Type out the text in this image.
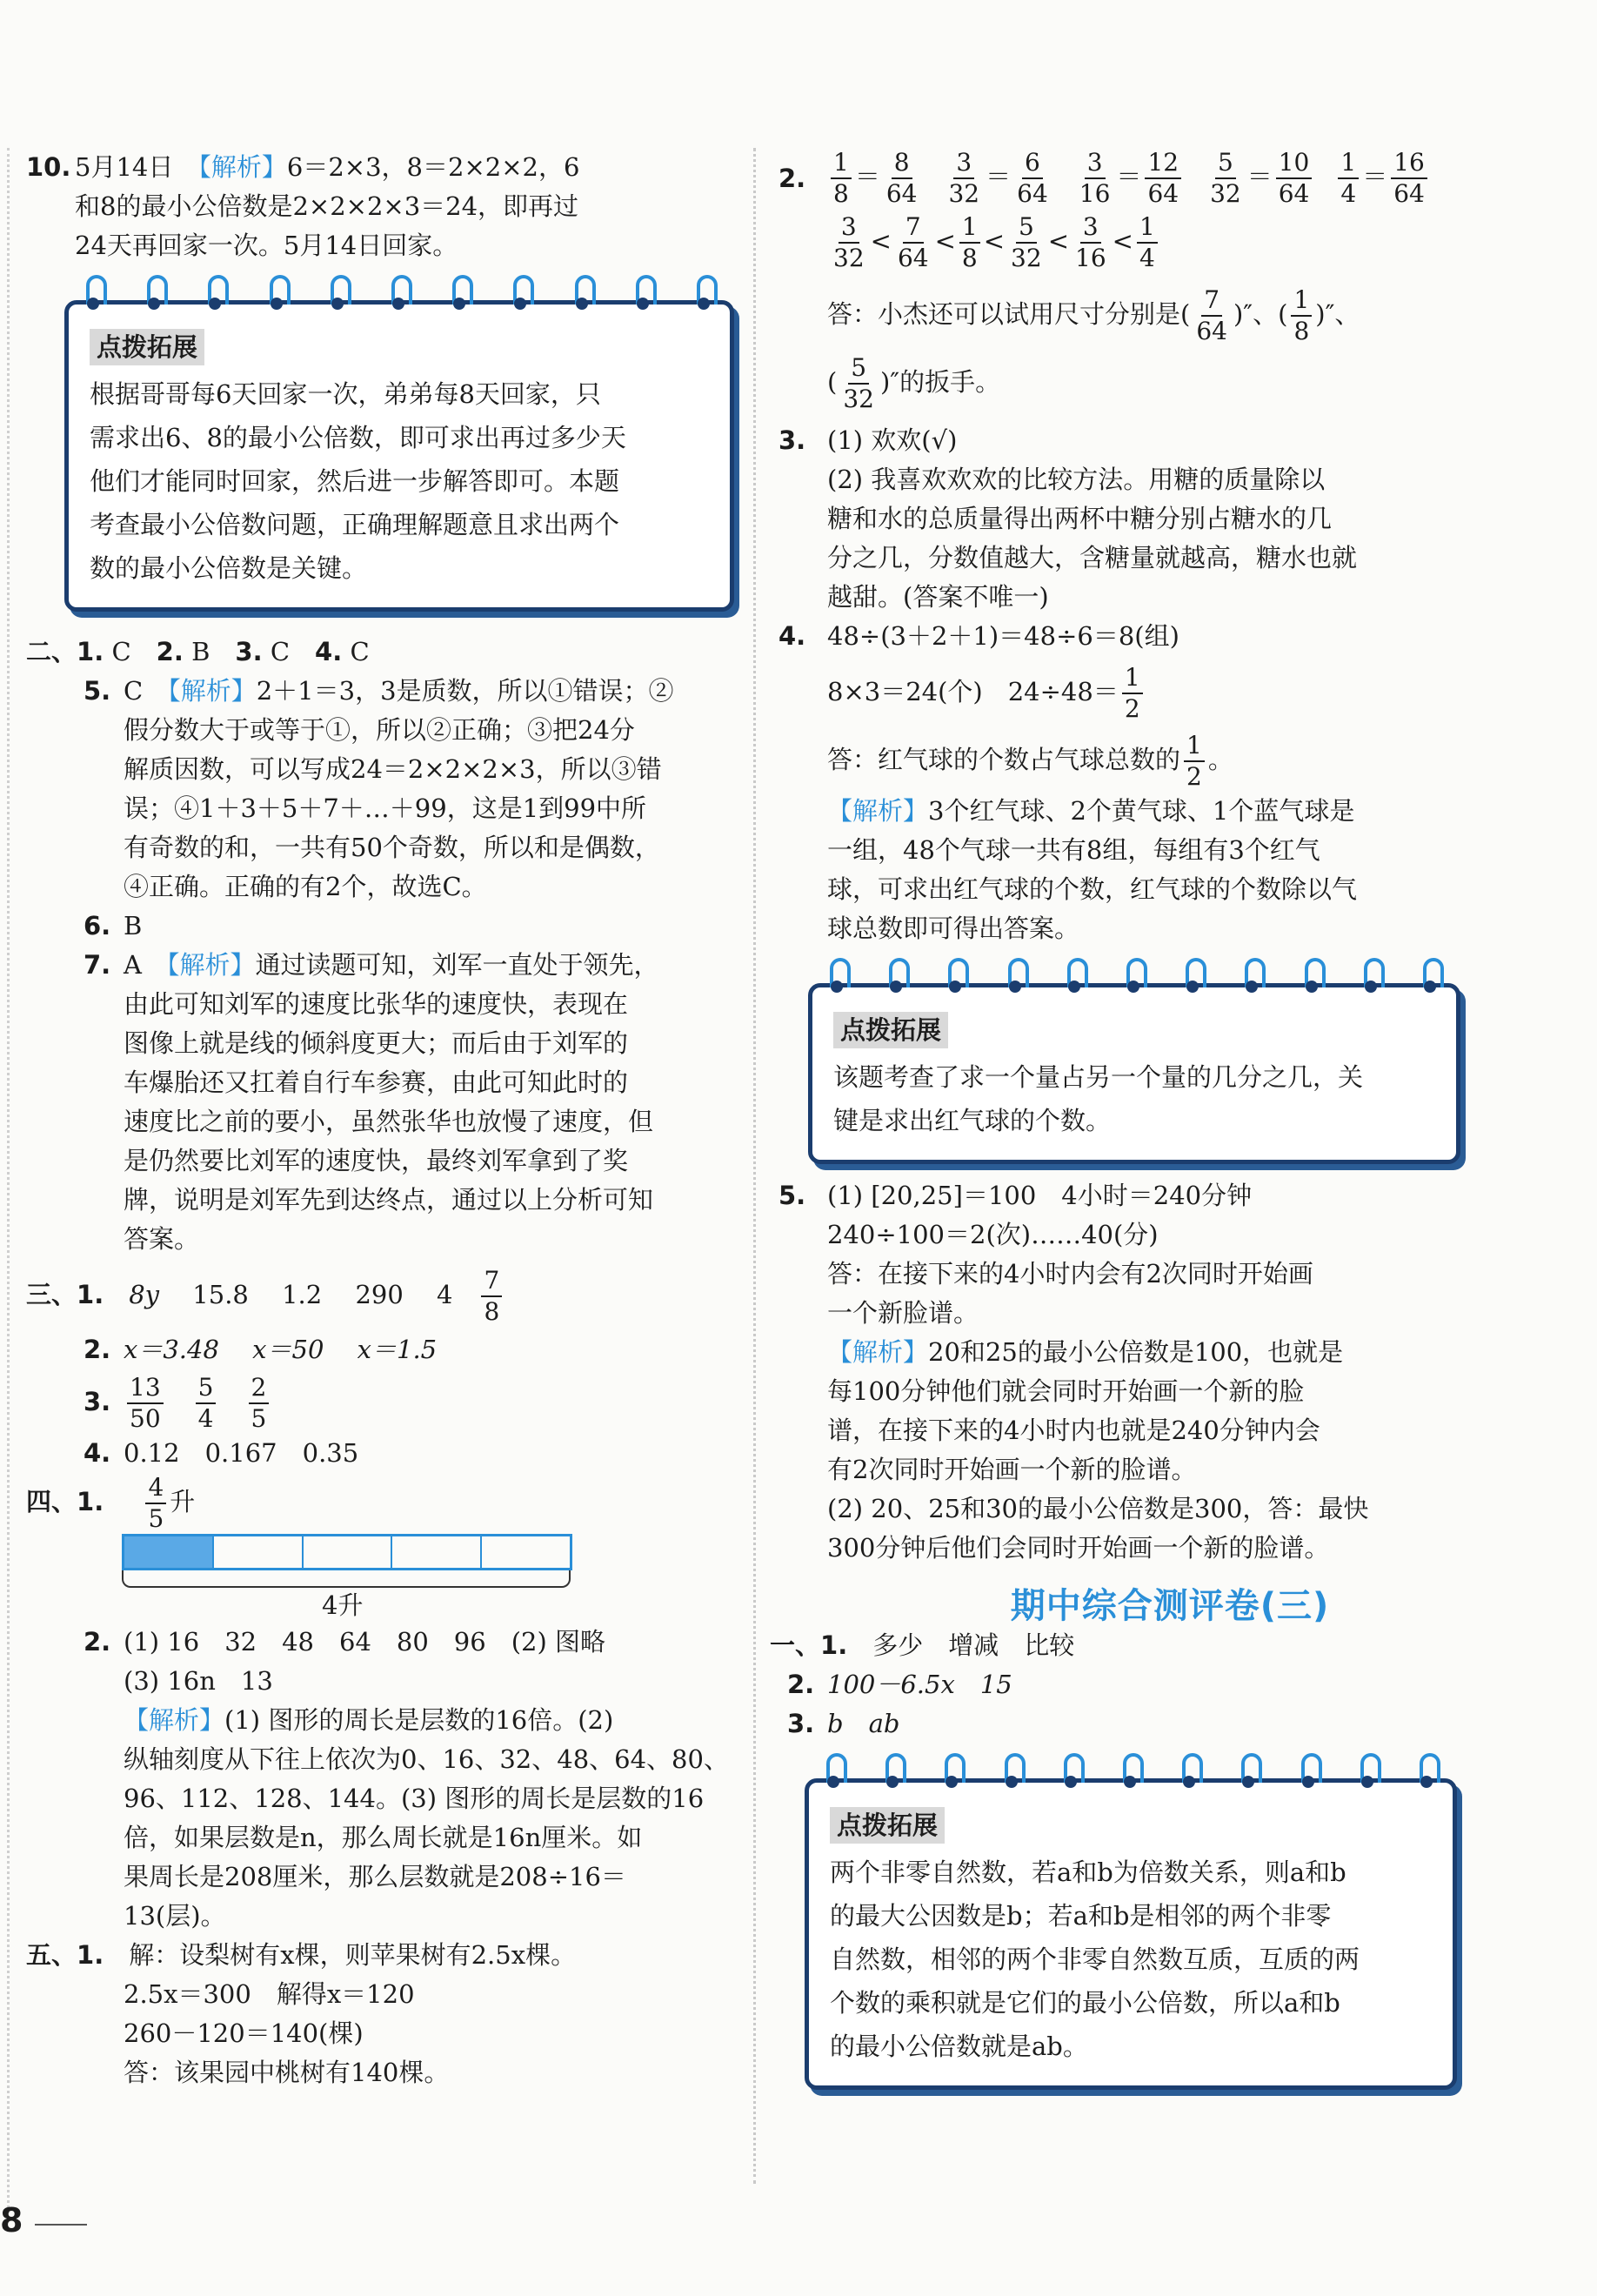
10. 5月14日　 【解析】6＝2×3，8＝2×2×2，6
和8的最小公倍数是2×2×2×3＝24，即再过
24天再回家一次。5月14日回家。
点拨拓展
根据哥哥每6天回家一次，弟弟每8天回家，只
需求出6、8的最小公倍数，即可求出再过多少天
他们才能同时回家，然后进一步解答即可。本题
考查最小公倍数问题，正确理解题意且求出两个
数的最小公倍数是关键。
二、1. C　 2. B　 3. C　 4. C
5. C　 【解析】2＋1＝3，3是质数，所以①错误；②
假分数大于或等于①，所以②正确；③把24分
解质因数，可以写成24＝2×2×2×3，所以③错
误；④1＋3＋5＋7＋…＋99，这是1到99中所
有奇数的和，一共有50个奇数，所以和是偶数，
④正确。正确的有2个，故选C。
6. B
7. A　 【解析】通过读题可知，刘军一直处于领先，
由此可知刘军的速度比张华的速度快，表现在
图像上就是线的倾斜度更大；而后由于刘军的
车爆胎还又扛着自行车参赛，由此可知此时的
速度比之前的要小，虽然张华也放慢了速度，但
是仍然要比刘军的速度快，最终刘军拿到了奖
牌，说明是刘军先到达终点，通过以上分析可知
答案。
三、1.　 8y　 15.8　 1.2　 290　 4　 $\frac{7}{8}$
2. x＝3.48　 x＝50　 x＝1.5
3. $\frac{13}{50}$
　 $\frac{5}{4}$
　 $\frac{2}{5}$
4. 0.12　 0.167　 0.35
四、1.　 $\frac{4}{5}$ 升
4升
2. (1) 16　32　48　64　80　96　(2) 图略
(3) 16n　13
【解析】(1) 图形的周长是层数的16倍。(2)
纵轴刻度从下往上依次为0、16、32、48、64、80、
96、112、128、144。(3) 图形的周长是层数的16
倍，如果层数是n，那么周长就是16n厘米。如
果周长是208厘米，那么层数就是208÷16＝
13(层)。
五、1.　 解：设梨树有x棵，则苹果树有2.5x棵。
2.5x＝300　解得x＝120
260－120＝140(棵)
答：该果园中桃树有140棵。
2.	$\frac{1}{8} = \frac{8}{64} \frac{3}{32} = \frac{6}{64} \frac{3}{16} = \frac{12}{64} \frac{5}{32} = \frac{10}{64} \frac{1}{4} = \frac{16}{64}$
$\frac{3}{32} < \frac{7}{64} < \frac{1}{8} < \frac{5}{32} < \frac{3}{16} < \frac{1}{4}$
答：小杰还可以试用尺寸分别是( $\frac{7}{64}$ )″、( $\frac{1}{8}$ )″、
( $\frac{5}{32}$ )″的扳手。
3. (1) 欢欢(√)
(2) 我喜欢欢欢的比较方法。用糖的质量除以
糖和水的总质量得出两杯中糖分别占糖水的几
分之几，分数值越大，含糖量就越高，糖水也就
越甜。(答案不唯一)
4. 48÷(3＋2＋1)＝48÷6＝8(组)
8×3＝24(个)　$24\div 48= \frac{1}{2}$
答：红气球的个数占气球总数的 $\frac{1}{2}$ 。
【解析】3个红气球、2个黄气球、1个蓝气球是
一组，48个气球一共有8组，每组有3个红气
球，可求出红气球的个数，红气球的个数除以气
球总数即可得出答案。
点拨拓展
该题考查了求一个量占另一个量的几分之几，关
键是求出红气球的个数。
5. (1) [20,25]＝100　4小时＝240分钟
240÷100＝2(次)……40(分)
答：在接下来的4小时内会有2次同时开始画
一个新脸谱。
【解析】20和25的最小公倍数是100，也就是
每100分钟他们就会同时开始画一个新的脸
谱，在接下来的4小时内也就是240分钟内会
有2次同时开始画一个新的脸谱。
(2) 20、25和30的最小公倍数是300，答：最快
300分钟后他们会同时开始画一个新的脸谱。
期中综合测评卷(三)
一、1.　 多少　增减　比较
2. 100－6.5x　15
3. b　ab
点拨拓展
两个非零自然数，若a和b为倍数关系，则a和b
的最大公因数是b；若a和b是相邻的两个非零
自然数，相邻的两个非零自然数互质，互质的两
个数的乘积就是它们的最小公倍数，所以a和b
的最小公倍数就是ab。
8
